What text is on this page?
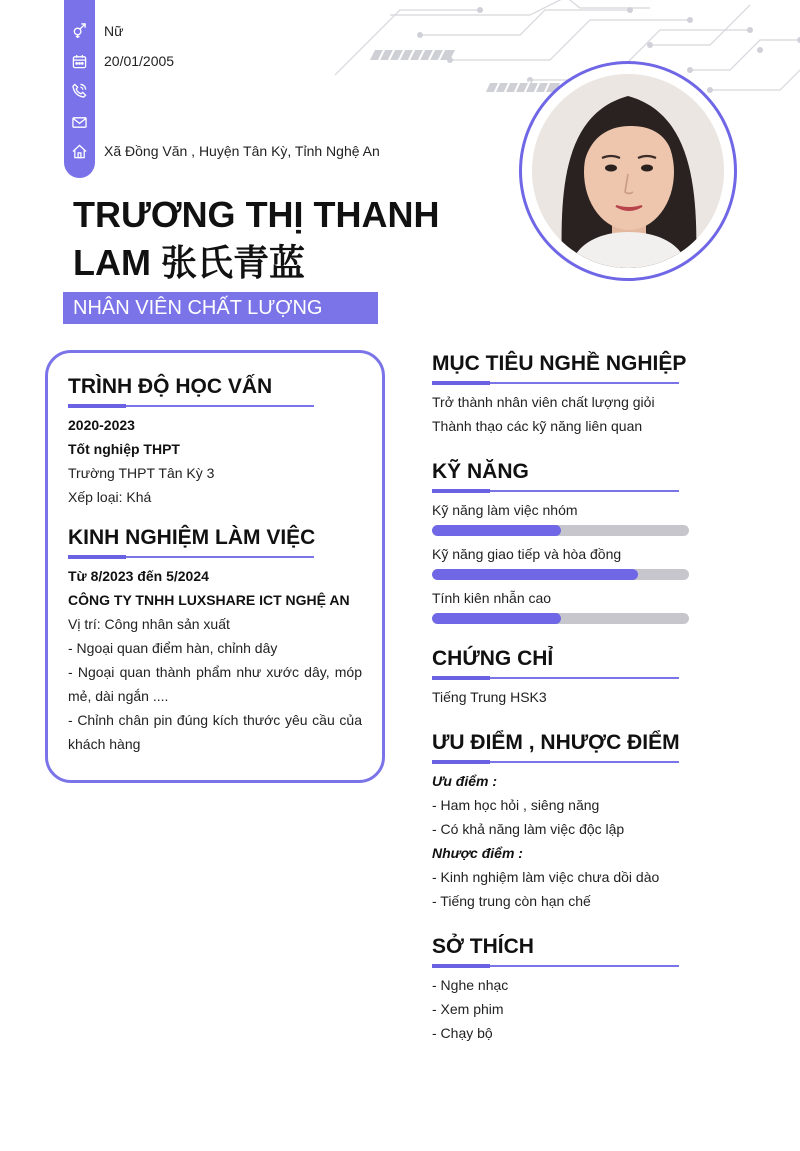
Nữ
20/01/2005
Xã Đồng Văn , Huyện Tân Kỳ, Tỉnh Nghệ An
TRƯƠNG THỊ THANH
LAM 张氏青蓝
NHÂN VIÊN CHẤT LƯỢNG
TRÌNH ĐỘ HỌC VẤN
2020-2023
Tốt nghiệp THPT
Trường THPT Tân Kỳ 3
Xếp loại: Khá
KINH NGHIỆM LÀM VIỆC
Từ 8/2023 đến 5/2024
CÔNG TY TNHH LUXSHARE ICT NGHỆ AN
Vị trí: Công nhân sản xuất
- Ngoại quan điểm hàn, chỉnh dây
- Ngoại quan thành phẩm như xước dây, móp mẻ, dài ngắn ....
- Chỉnh chân pin đúng kích thước yêu cầu của khách hàng
MỤC TIÊU NGHỀ NGHIỆP
Trở thành nhân viên chất lượng giỏi
Thành thạo các kỹ năng liên quan
KỸ NĂNG
Kỹ năng làm việc nhóm
Kỹ năng giao tiếp và hòa đồng
Tính kiên nhẫn cao
CHỨNG CHỈ
Tiếng Trung HSK3
ƯU ĐIỂM , NHƯỢC ĐIỂM
Ưu điểm :
- Ham học hỏi , siêng năng
- Có khả năng làm việc độc lập
Nhược điểm :
- Kinh nghiệm làm việc chưa dồi dào
- Tiếng trung còn hạn chế
SỞ THÍCH
- Nghe nhạc
- Xem phim
- Chạy bộ
